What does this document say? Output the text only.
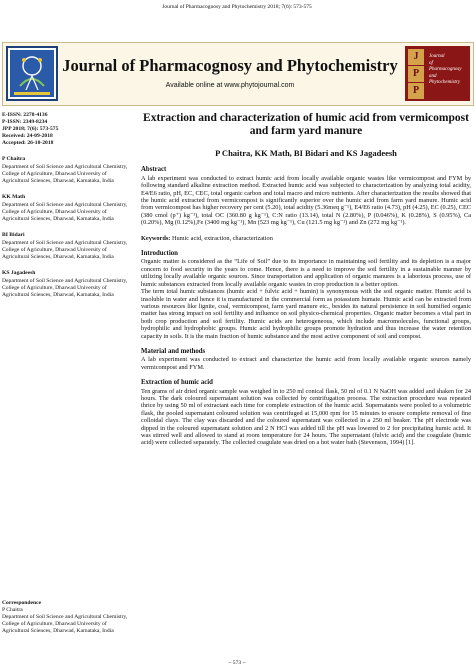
Journal of Pharmacognosy and Phytochemistry 2018; 7(6): 573-575
Journal of Pharmacognosy and Phytochemistry
Available online at www.phytojournal.com
J
P
P
Journal
of
Pharmacognosy
and
Phytochemistry
E-ISSN: 2278-4136
P-ISSN: 2349-8234
JPP 2018; 7(6): 573-575
Received: 24-09-2018
Accepted: 26-10-2018
P Chaitra
Department of Soil Science and Agricultural Chemistry, College of Agriculture, Dharwad University of Agricultural Sciences, Dharwad, Karnataka, India
KK Math
Department of Soil Science and Agricultural Chemistry, College of Agriculture, Dharwad University of Agricultural Sciences, Dharwad, Karnataka, India
BI Bidari
Department of Soil Science and Agricultural Chemistry, College of Agriculture, Dharwad University of Agricultural Sciences, Dharwad, Karnataka, India
KS Jagadeesh
Department of Soil Science and Agricultural Chemistry, College of Agriculture, Dharwad University of Agricultural Sciences, Dharwad, Karnataka, India
Correspondence
P Chaitra
Department of Soil Science and Agricultural Chemistry, College of Agriculture, Dharwad University of Agricultural Sciences, Dharwad, Karnataka, India
Extraction and characterization of humic acid from vermicompost and farm yard manure
P Chaitra, KK Math, BI Bidari and KS Jagadeesh
Abstract

A lab experiment was conducted to extract humic acid from locally available organic wastes like vermicompost and FYM by following standard alkaline extraction method. Extracted humic acid was subjected to characterization by analyzing total acidity, E4/E6 ratio, pH, EC, CEC, total organic carbon and total macro and micro nutrients. After characterization the results showed that the humic acid extracted from vermicompost is significantly superior over the humic acid from farm yard manure. Humic acid from vermicompost has higher recovery per cent (5.20), total acidity (5.36meq g⁻¹), E4/E6 ratio (4.73), pH (4.25), EC (0.25), CEC (380 cmol (p⁺) kg⁻¹), total OC (360.80 g kg⁻¹), C:N ratio (13.14), total N (2.80%), P (0.046%), K (0.28%), S (0.95%), Ca (0.20%), Mg (0.12%),Fe (3400 mg kg⁻¹), Mn (523 mg kg⁻¹), Cu (121.5 mg kg⁻¹) and Zn (272 mg kg⁻¹).

Keywords: Humic acid, extraction, characterization

Introduction

Organic matter is considered as the “Life of Soil” due to its importance in maintaining soil fertility and its depletion is a major concern to food security in the years to come. Hence, there is a need to improve the soil fertility in a sustainable manner by utilizing locally available organic sources. Since transportation and application of organic manures is a laborious process, use of humic substances extracted from locally available organic wastes in crop production is a better option.

The term total humic substances (humic acid + fulvic acid + humin) is synonymous with the soil organic matter. Humic acid is insoluble in water and hence it is manufactured in the commercial form as potassium humate. Humic acid can be extracted from various resources like lignite, coal, vermicompost, farm yard manure etc., besides its natural persistence in soil humified organic matter has strong impact on soil fertility and influence on soil physico-chemical properties. Organic matter becomes a vital part in both crop production and soil fertility. Humic acids are heterogeneous, which include macromolecules, functional groups, hydrophilic and hydrophobic groups. Humic acid hydrophilic groups promote hydration and thus increase the water retention capacity in soils. It is the main fraction of humic substance and the most active component of soil and compost.

Material and methods

A lab experiment was conducted to extract and characterize the humic acid from locally available organic sources namely vermicompost and FYM.

Extraction of humic acid

Ten grams of air dried organic sample was weighed in to 250 ml conical flask, 50 ml of 0.1 N NaOH was added and shaken for 24 hours. The dark coloured supernatant solution was collected by centrifugation process. The extraction procedure was repeated thrice by using 50 ml of extractant each time for complete extraction of the humic acid. Supernatants were pooled to a volumetric flask, the pooled supernatant coloured solution was centrifuged at 15,000 rpm for 15 minutes to ensure complete removal of fine colloidal clays. The clay was discarded and the coloured supernatant was collected in a 250 ml beaker. The pH electrode was dipped in the coloured supernatant solution and 2 N HCl was added till the pH was lowered to 2 for precipitating humic acid. It was stirred well and allowed to stand at room temperature for 24 hours. The supernatant (fulvic acid) and the coagulate (humic acid) were collected separately. The collected coagulate was dried on a hot water bath (Stevenson, 1994) [1].

~ 573 ~
